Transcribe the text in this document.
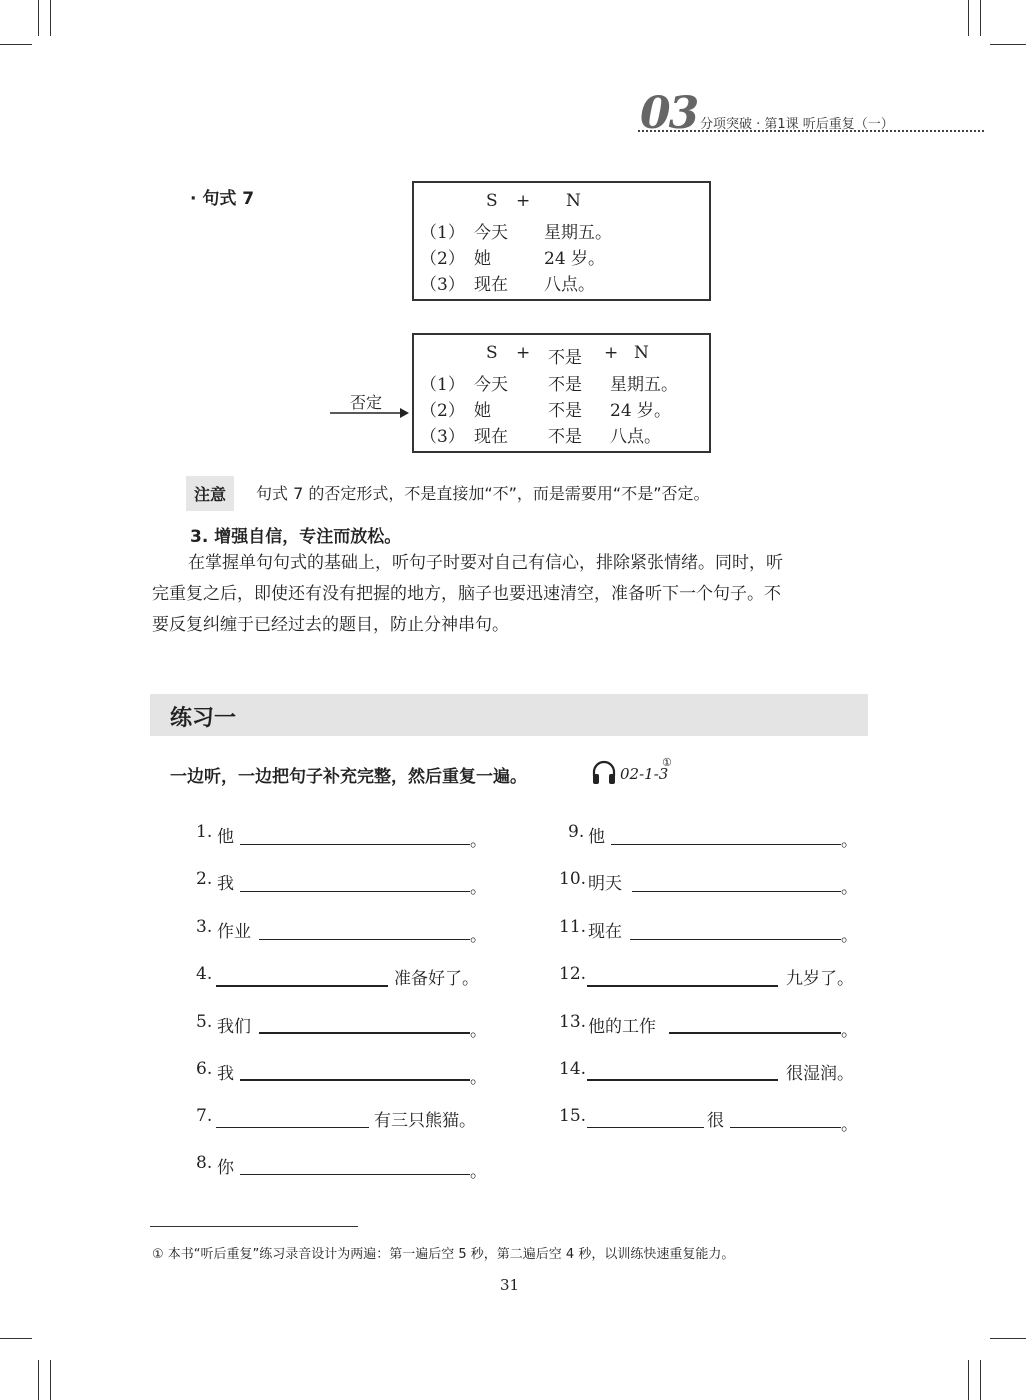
03 分项突破 · 第1课 听后重复（一）
· 句式 7	S + N
（1） 今天 星期五。
（2） 她	24 岁。
（3） 现在 八点。
否定
S + 不是 + N
（1） 今天 不是 星期五。
（2） 她	不是 24 岁。
（3） 现在 不是 八点。
注意	句式 7 的否定形式，不是直接加“不”，而是需要用“不是”否定。
3. 增强自信，专注而放松。
在掌握单句句式的基础上，听句子时要对自己有信心，排除紧张情绪。同时，听
完重复之后，即使还有没有把握的地方，脑子也要迅速清空，准备听下一个句子。不
要反复纠缠于已经过去的题目，防止分神串句。
练习一
一边听，一边把句子补充完整，然后重复一遍。	02-1-3
①
1. 他	。
2. 我	。
3. 作业	。
4.	准备好了。
5. 我们	。
6. 我	。
7.	有三只熊猫。
8. 你	。
9. 他	。
10. 明天	。
11. 现在	。
12.	九岁了。
13. 他的工作	。
14.	很湿润。
15.	很	。
① 本书“听后重复”练习录音设计为两遍：第一遍后空 5 秒，第二遍后空 4 秒，以训练快速重复能力。
31
